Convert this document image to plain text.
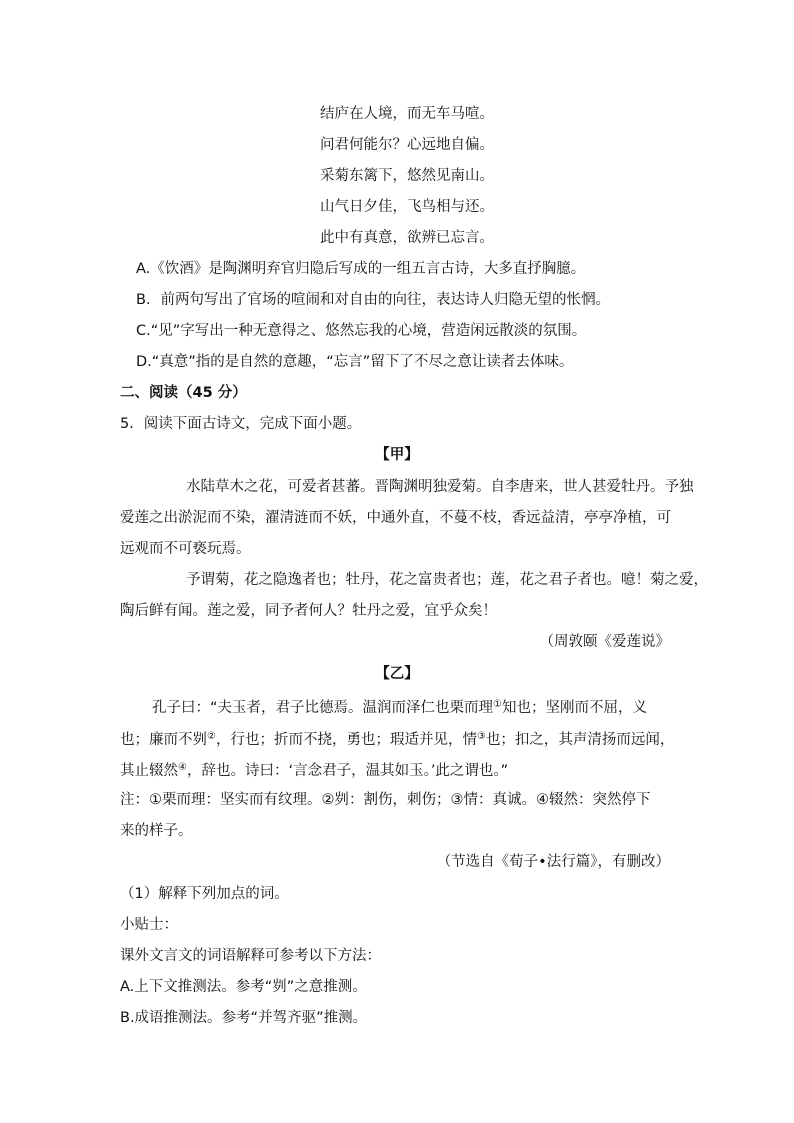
结庐在人境，而无车马喧。
问君何能尔？心远地自偏。
采菊东篱下，悠然见南山。
山气日夕佳，飞鸟相与还。
此中有真意，欲辨已忘言。
A.《饮酒》是陶渊明弃官归隐后写成的一组五言古诗，大多直抒胸臆。
B．前两句写出了官场的喧闹和对自由的向往，表达诗人归隐无望的怅惘。
C.“见”字写出一种无意得之、悠然忘我的心境，营造闲远散淡的氛围。
D.“真意”指的是自然的意趣，“忘言”留下了不尽之意让读者去体味。
二、阅读（45 分）
5．阅读下面古诗文，完成下面小题。
【甲】
水陆草木之花，可爱者甚蕃。晋陶渊明独爱菊。自李唐来，世人甚爱牡丹。予独
爱莲之出淤泥而不染，濯清涟而不妖，中通外直，不蔓不枝，香远益清，亭亭净植，可
远观而不可亵玩焉。
予谓菊，花之隐逸者也；牡丹，花之富贵者也；莲，花之君子者也。噫！菊之爱，
陶后鲜有闻。莲之爱，同予者何人？牡丹之爱，宜乎众矣！
（周敦颐《爱莲说》
【乙】
孔子曰：“夫玉者，君子比德焉。温润而泽仁也栗而理①知也；坚刚而不屈，义
也；廉而不刿②，行也；折而不挠，勇也；瑕适并见，情③也；扣之，其声清扬而远闻，
其止辍然④，辞也。诗曰：‘言念君子，温其如玉。’此之谓也。”
注：①栗而理：坚实而有纹理。②刿：割伤，刺伤；③情：真诚。④辍然：突然停下
来的样子。
（节选自《荀子•法行篇》，有删改）
（1）解释下列加点的词。
小贴士：
课外文言文的词语解释可参考以下方法：
A.上下文推测法。参考“刿”之意推测。
B.成语推测法。参考“并驾齐驱”推测。
